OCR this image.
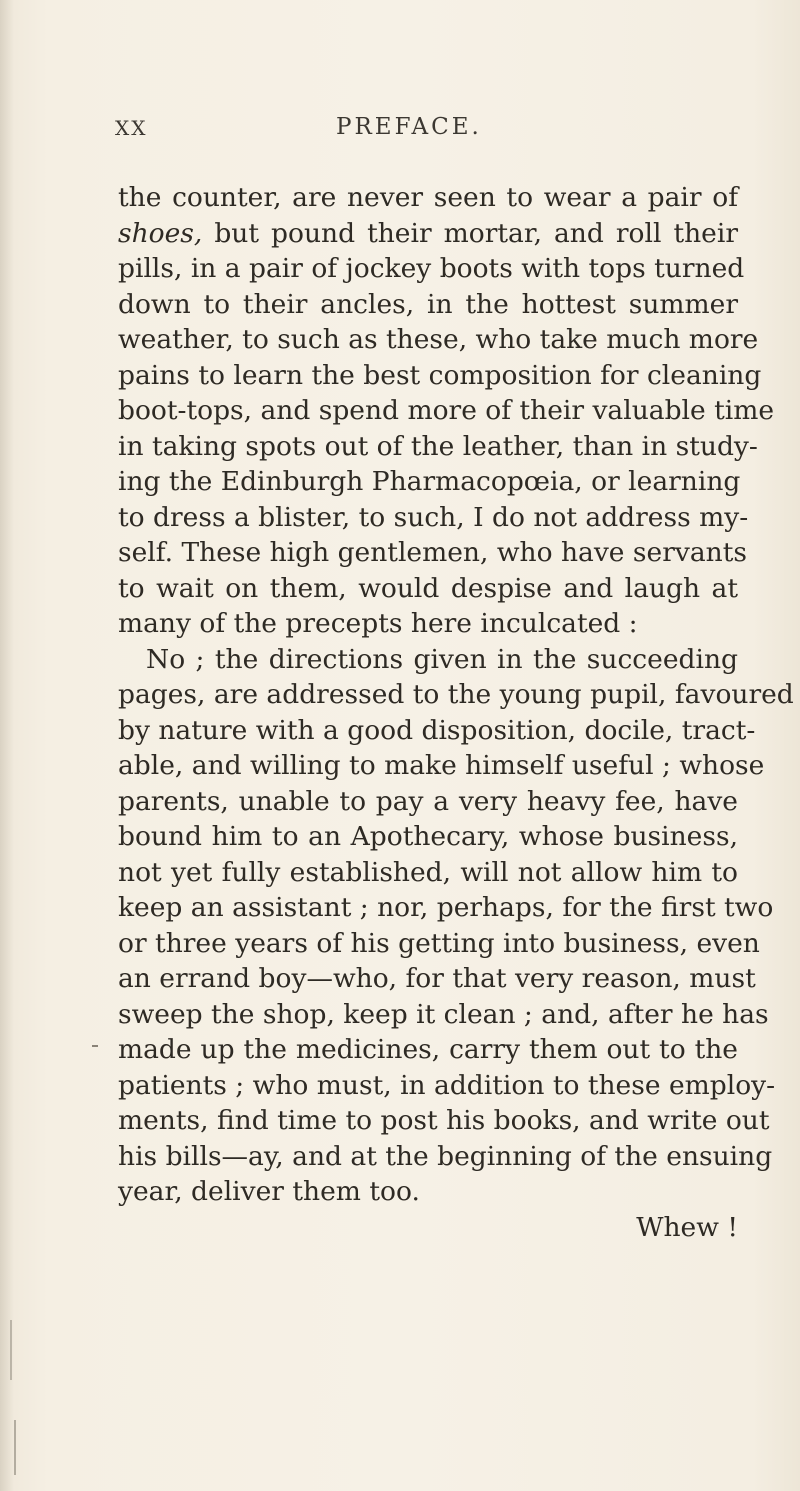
XX	PREFACE.
the counter, are never seen to wear a pair of
shoes, but pound their mortar, and roll their
pills, in a pair of jockey boots with tops turned
down to their ancles, in the hottest summer
weather, to such as these, who take much more
pains to learn the best composition for cleaning
boot-tops, and spend more of their valuable time
in taking spots out of the leather, than in study-
ing the Edinburgh Pharmacopœia, or learning
to dress a blister, to such, I do not address my-
self. These high gentlemen, who have servants
to wait on them, would despise and laugh at
many of the precepts here inculcated :
No ; the directions given in the succeeding
pages, are addressed to the young pupil, favoured
by nature with a good disposition, docile, tract-
able, and willing to make himself useful ; whose
parents, unable to pay a very heavy fee, have
bound him to an Apothecary, whose business,
not yet fully established, will not allow him to
keep an assistant ; nor, perhaps, for the first two
or three years of his getting into business, even
an errand boy—who, for that very reason, must
sweep the shop, keep it clean ; and, after he has
made up the medicines, carry them out to the
patients ; who must, in addition to these employ-
ments, find time to post his books, and write out
his bills—ay, and at the beginning of the ensuing
year, deliver them too.
Whew !
